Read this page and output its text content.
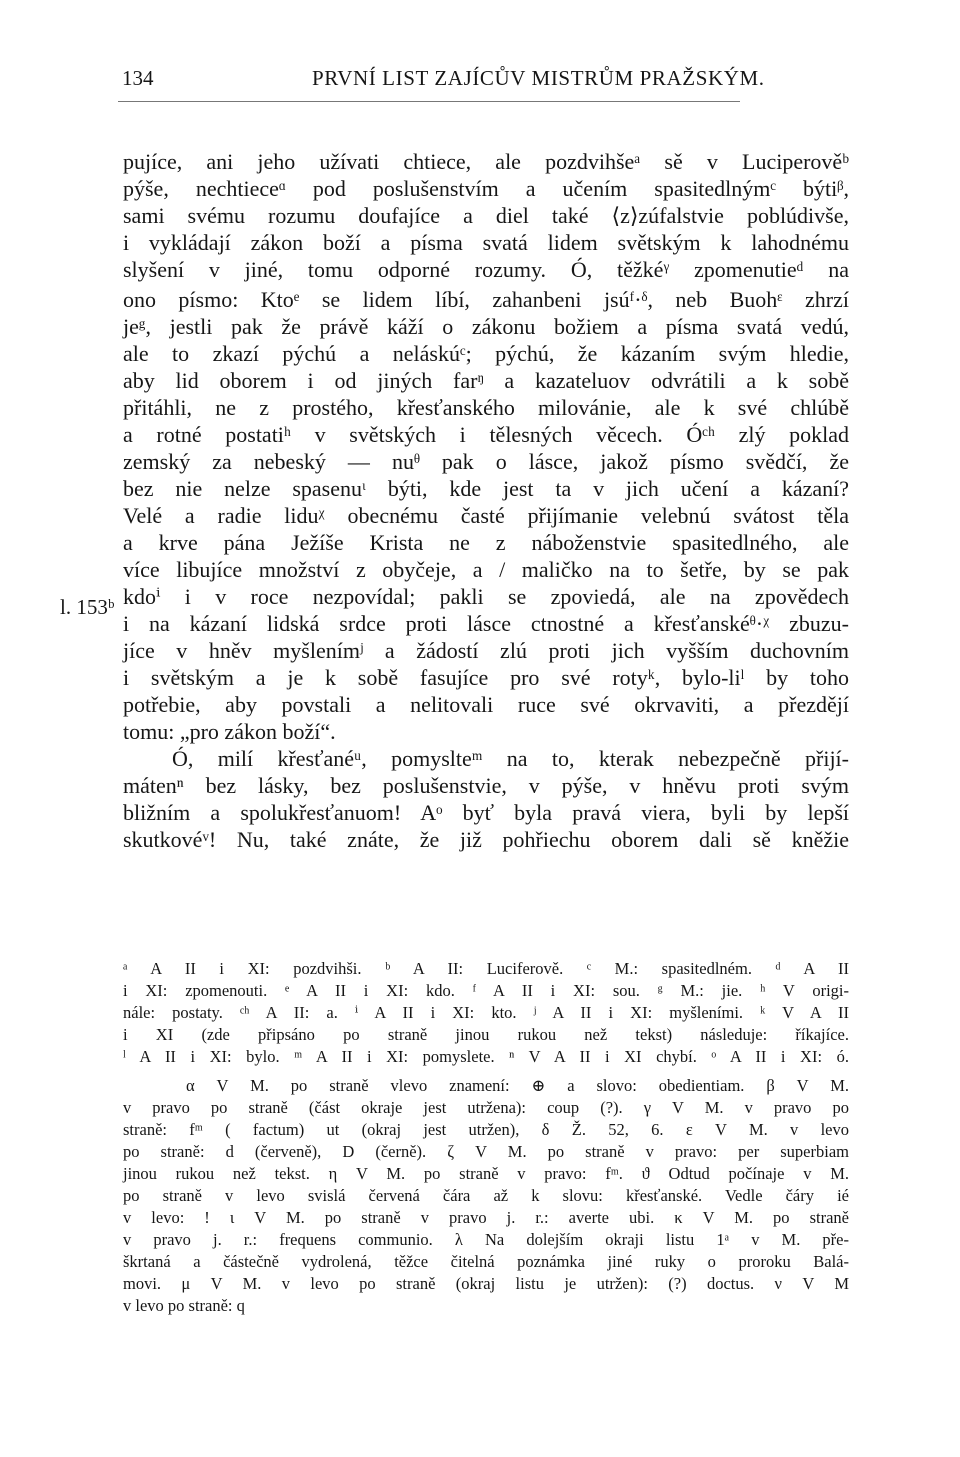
134	PRVNÍ LIST ZAJÍCŮV MISTRŮM PRAŽSKÝM.
pujíce, ani jeho užívati chtiece, ale pozdvihšeᵃ sě v Luciperověᵇ
pýše, nechtieceᵅ pod poslušenstvím a učením spasitedlnýmᶜ býtiᵝ,
sami svému rozumu doufajíce a diel také ⟨z⟩zúfalstvie poblúdivše,
i vykládají zákon boží a písma svatá lidem světským k lahodnému
slyšení v jiné, tomu odporné rozumy. Ó, těžkéᵞ zpomenutieᵈ na
ono písmo: Ktoᵉ se lidem líbí, zahanbeni jsúᶠ·ᵟ, neb Buohᵋ zhrzí
jeᵍ, jestli pak že právě káží o zákonu božiem a písma svatá vedú,
ale to zkazí pýchú a neláskúᶜ; pýchú, že kázaním svým hledie,
aby lid oborem i od jiných farᵑ a kazateluov odvrátili a k sobě
přitáhli, ne z prostého, křesťanského milovánie, ale k své chlúbě
a rotné postatiʰ v světských i tělesných věcech. Óᶜʰ zlý poklad
zemský za nebeský — nuᶿ pak o lásce, jakož písmo svědčí, že
bez nie nelze spasenuᶥ býti, kde jest ta v jich učení a kázaní?
Velé a radie liduᵡ obecnému časté přijímanie velebnú svátost těla
a krve pána Ježíše Krista ne z náboženstvie spasitedlného, ale
více libujíce množství z obyčeje, a / maličko na to šetře, by se pak
kdoⁱ i v roce nezpovídal; pakli se zpoviedá, ale na zpovědech
i na kázaní lidská srdce proti lásce ctnostné a křesťanskéᶿ·ᵡ zbuzu-
jíce v hněv myšlenímʲ a žádostí zlú proti jich vyšším duchovním
i světským a je k sobě fasujíce pro své rotyᵏ, bylo-liˡ by toho
potřebie, aby povstali a nelitovali ruce své okrvaviti, a přezdějí
tomu: „pro zákon boží“.
Ó, milí křesťanéᵘ, pomyslteᵐ na to, kterak nebezpečně přijí-
mátenⁿ bez lásky, bez poslušenstvie, v pýše, v hněvu proti svým
bližním a spolukřesťanuom! Aᵒ byť byla pravá viera, byli by lepší
skutkovéᵛ! Nu, také znáte, že již pohřiechu oborem dali sě kněžie
l. 153ᵇ
ᵃ A II i XI: pozdvihši. ᵇ A II: Luciferově. ᶜ M.: spasitedlném. ᵈ A II
i XI: zpomenouti. ᵉ A II i XI: kdo. ᶠ A II i XI: sou. ᵍ M.: jie. ʰ V origi-
nále: postaty. ᶜʰ A II: a. ⁱ A II i XI: kto. ʲ A II i XI: myšleními. ᵏ V A II
i XI (zde připsáno po straně jinou rukou než tekst) následuje: říkajíce.
ˡ A II i XI: bylo. ᵐ A II i XI: pomyslete. ⁿ V A II i XI chybí. ᵒ A II i XI: ó.
α V M. po straně vlevo znamení: ⊕ a slovo: obedientiam. β V M.
v pravo po straně (část okraje jest utržena): coup (?). γ V M. v pravo po
straně: fᵐ ( factum) ut (okraj jest utržen), δ Ž. 52, 6. ε V M. v levo
po straně: d (červeně), D (černě). ζ V M. po straně v pravo: per superbiam
jinou rukou než tekst. η V M. po straně v pravo: fᵐ. ϑ Odtud počínaje v M.
po straně v levo svislá červená čára až k slovu: křesťanské. Vedle čáry ié
v levo: ! ι V M. po straně v pravo j. r.: averte ubi. κ V M. po straně
v pravo j. r.: frequens communio. λ Na dolejším okraji listu 1ᵃ v M. pře-
škrtaná a částečně vydrolená, těžce čitelná poznámka jiné ruky o proroku Balá-
movi. μ V M. v levo po straně (okraj listu je utržen): (?) doctus. ν V M
v levo po straně: q
